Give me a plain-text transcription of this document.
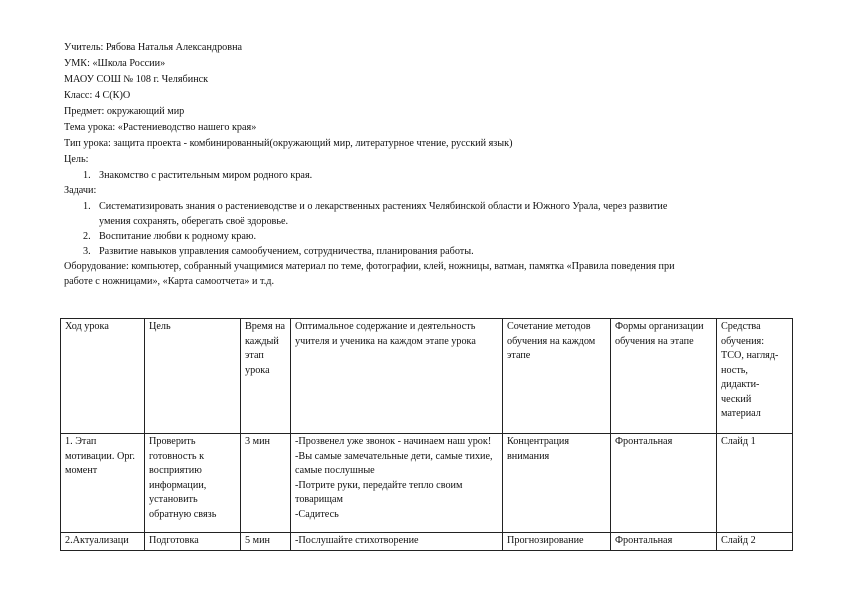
Учитель: Рябова Наталья Александровна

УМК: «Школа России»

МАОУ СОШ № 108 г. Челябинск

Класс: 4 С(К)О

Предмет: окружающий мир

Тема урока: «Растениеводство нашего края»

Тип урока: защита проекта - комбинированный(окружающий мир, литературное чтение, русский язык)

Цель:

1. Знакомство с растительным миром родного края.

Задачи:

1. Систематизировать знания о растениеводстве и о лекарственных растениях Челябинской области и Южного Урала, через развитие
умения сохранять, оберегать своё здоровье.
2. Воспитание любви к родному краю.
3. Развитие навыков управления самообучением, сотрудничества, планирования работы.

Оборудование: компьютер, собранный учащимися материал по теме, фотографии, клей, ножницы, ватман, памятка «Правила поведения при

работе с ножницами», «Карта самоотчета» и т.д.

Ход урока	Цель	Время на каждый этап урока	Оптимальное содержание и деятельность учителя и ученика на каждом этапе урока	Сочетание методов обучения на каждом этапе	Формы организации обучения на этапе	Средства обучения: ТСО, нагляд-ность, дидакти-ческий материал
1. Этап мотивации. Орг. момент	Проверить готовность к восприятию информации, установить обратную связь	3 мин	-Прозвенел уже звонок - начинаем наш урок!
-Вы самые замечательные дети, самые тихие, самые послушные
-Потрите руки, передайте тепло своим товарищам
-Садитесь	Концентрация внимания	Фронтальная	Слайд 1
2.Актуализаци	Подготовка	5 мин	-Послушайте стихотворение	Прогнозирование	Фронтальная	Слайд 2
